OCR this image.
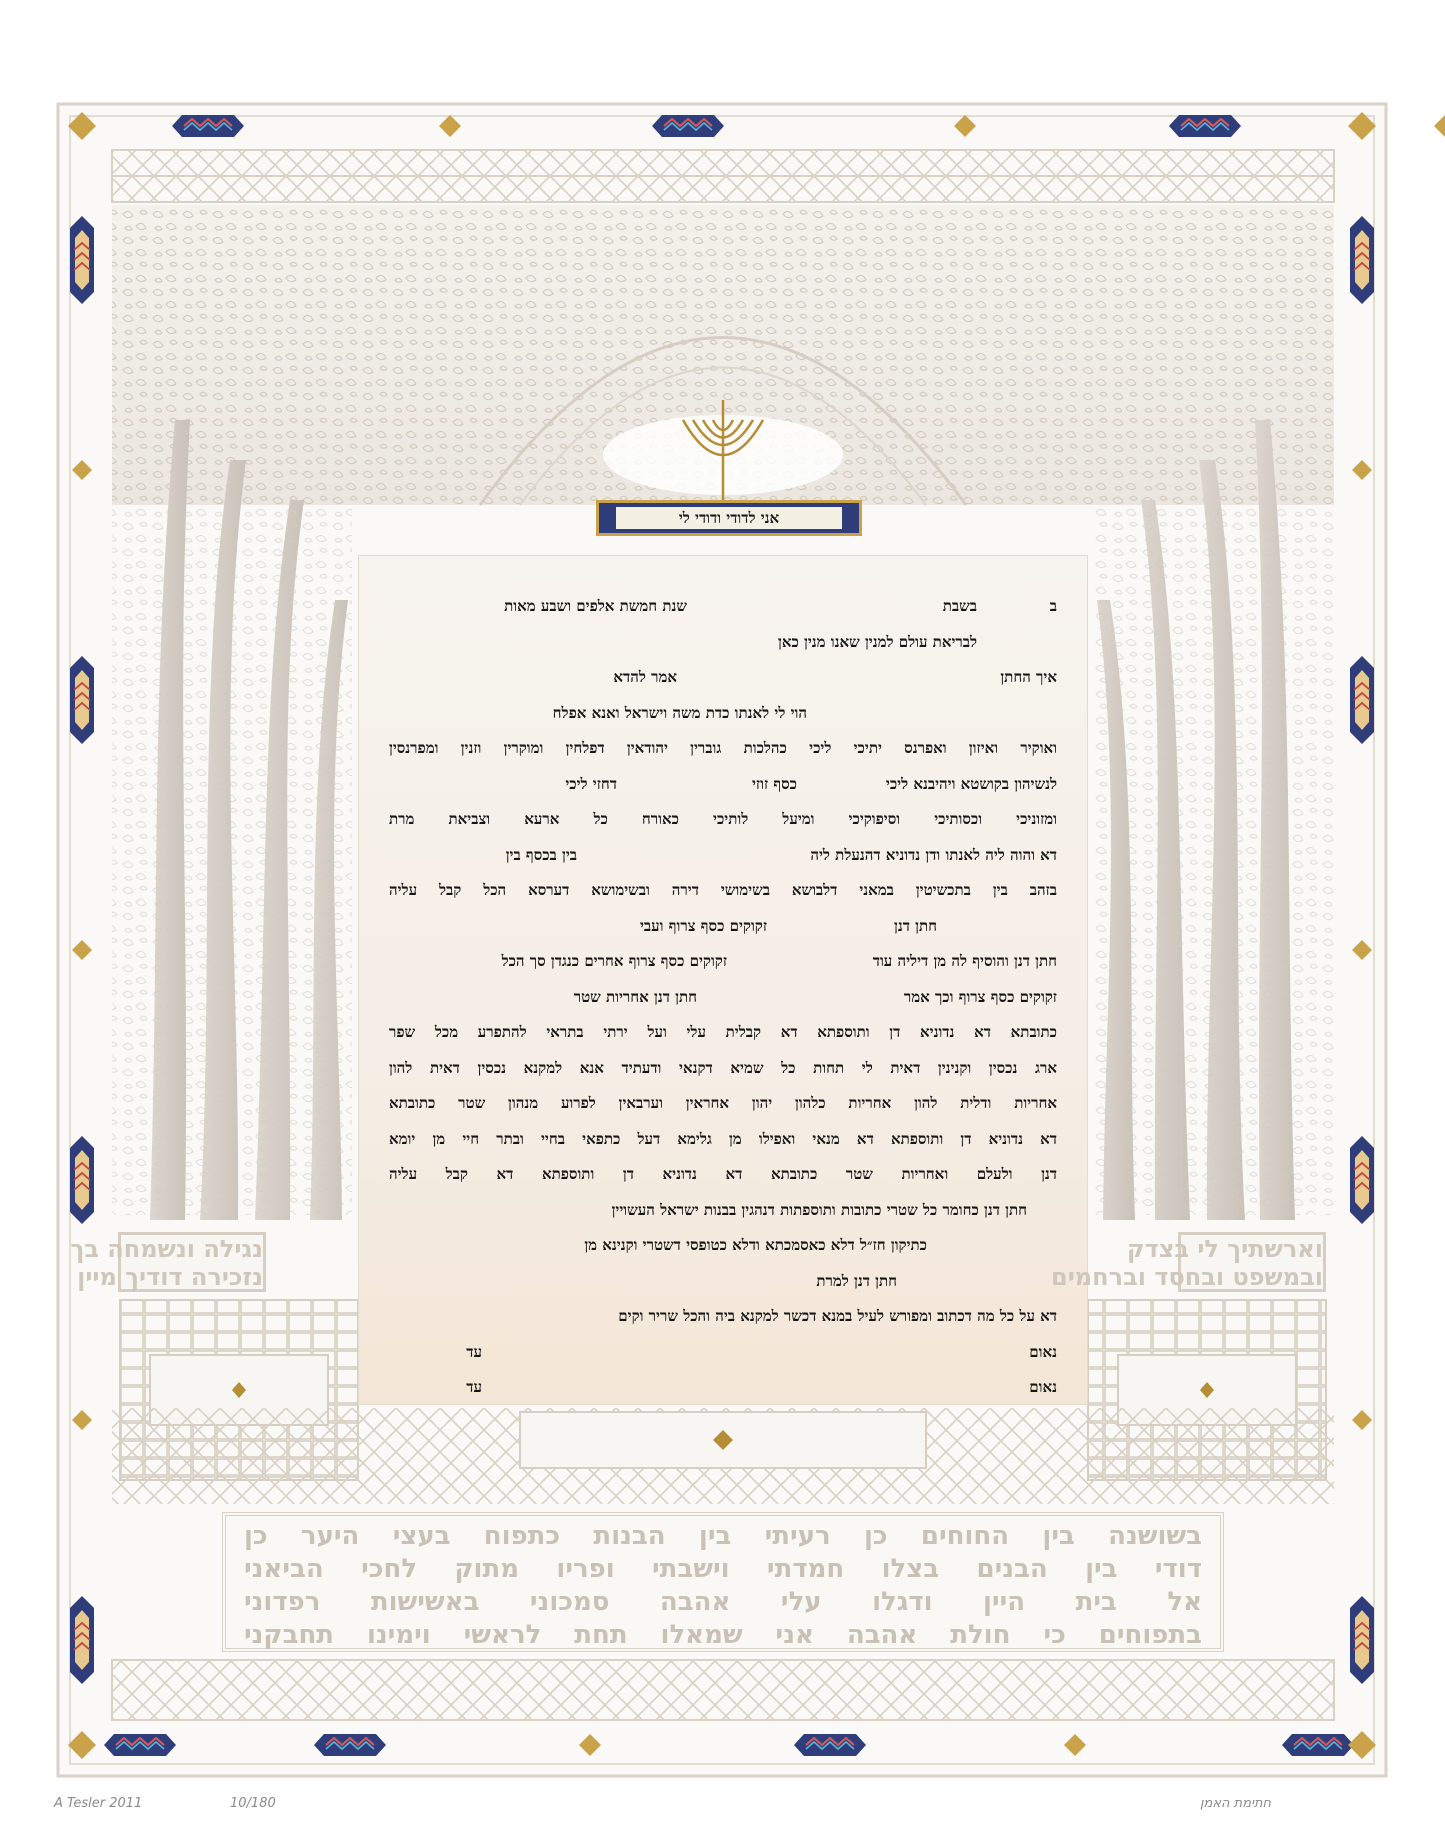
אני לדודי ודודי לי
ב
בשבת
שנת חמשת אלפים ושבע מאות
לבריאת עולם למנין שאנו מנין כאן
איך החתן
אמר להדא
הוי לי לאנתו כדת משה וישראל ואנא אפלח
ואוקיר ואיזון ואפרנס יתיכי ליכי כהלכות גוברין יהודאין דפלחין ומוקרין וזנין ומפרנסין
לנשיהון בקושטא ויהיבנא ליכי
כסף זוזי
דחזי ליכי
ומזוניכי וכסותיכי וסיפוקיכי ומיעל לותיכי כאורח כל ארעא וצביאת מרת
דא והוה ליה לאנתו ודן נדוניא דהנעלת ליה
בין בכסף בין
בזהב בין בתכשיטין במאני דלבושא בשימושי דירה ובשימושא דערסא הכל קבל עליה
חתן דנן
זקוקים כסף צרוף ועבי
חתן דנן והוסיף לה מן דיליה עוד
זקוקים כסף צרוף אחרים כנגדן סך הכל
זקוקים כסף צרוף וכך אמר
חתן דנן אחריות שטר
כתובתא דא נדוניא דן ותוספתא דא קבלית עלי ועל ירתי בתראי להתפרע מכל שפר
ארג נכסין וקנינין דאית לי תחות כל שמיא דקנאי ודעתיד אנא למקנא נכסין דאית להון
אחריות ודלית להון אחריות כלהון יהון אחראין וערבאין לפרוע מנהון שטר כתובתא
דא נדוניא דן ותוספתא דא מנאי ואפילו מן גלימא דעל כתפאי בחיי ובתר חיי מן יומא
דנן ולעלם ואחריות שטר כתובתא דא נדוניא דן ותוספתא דא קבל עליה
חתן דנן כחומר כל שטרי כתובות ותוספתות דנהגין בבנות ישראל העשויין
כתיקון חז״ל דלא כאסמכתא ודלא כטופסי דשטרי וקנינא מן
חתן דנן למרת
דא על כל מה דכתוב ומפורש לעיל במנא דכשר למקנא ביה והכל שריר וקים
נאום
עד
נאום
עד
נגילה ונשמחה בך
נזכירה דודיך מיין
וארשתיך לי בצדק
ובמשפט ובחסד וברחמים
בשושנה בין החוחים כן רעיתי בין הבנות כתפוח בעצי היער כן
דודי בין הבנים בצלו חמדתי וישבתי ופריו מתוק לחכי הביאני
אל בית היין ודגלו עלי אהבה סמכוני באשישות רפדוני
בתפוחים כי חולת אהבה אני שמאלו תחת לראשי וימינו תחבקני
A Tesler 2011	10/180	חתימת האמן
